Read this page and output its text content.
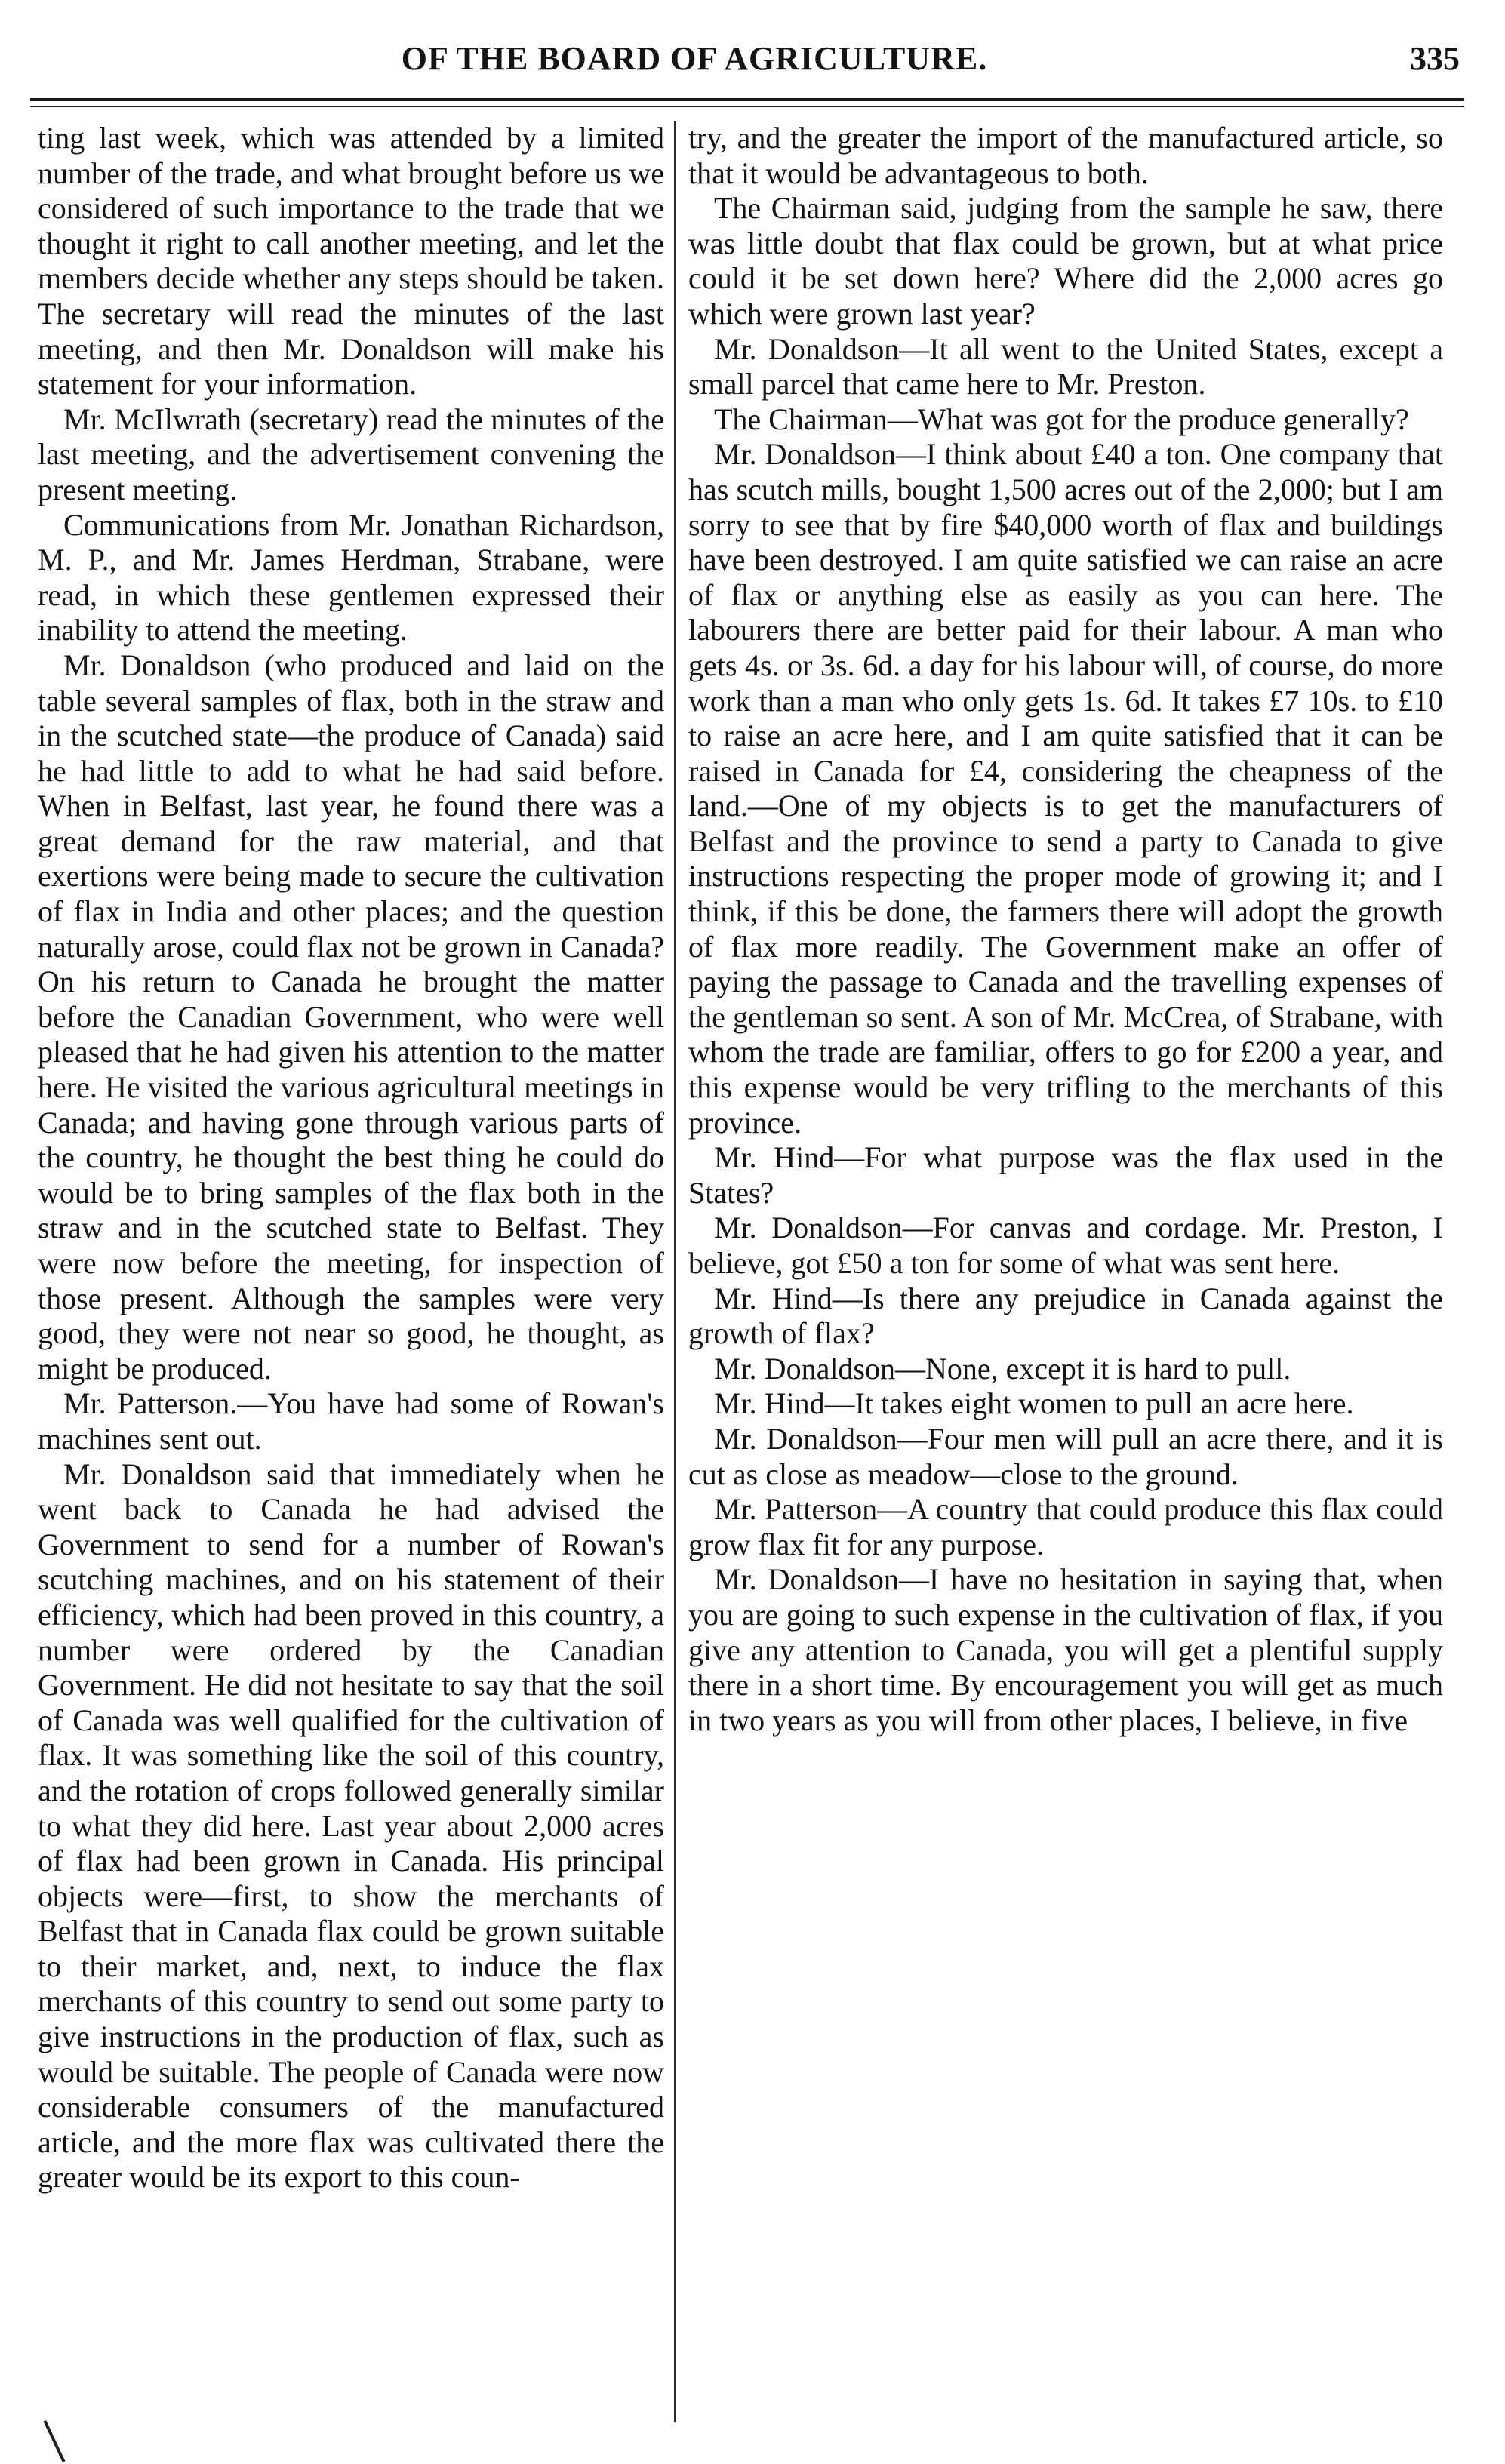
OF THE BOARD OF AGRICULTURE.	335

ting last week, which was attended by a limited number of the trade, and what brought before us we considered of such importance to the trade that we thought it right to call another meeting, and let the members decide whether any steps should be taken. The secretary will read the minutes of the last meeting, and then Mr. Donaldson will make his statement for your information.

Mr. McIlwrath (secretary) read the minutes of the last meeting, and the advertisement convening the present meeting.

Communications from Mr. Jonathan Richardson, M. P., and Mr. James Herdman, Strabane, were read, in which these gentlemen expressed their inability to attend the meeting.

Mr. Donaldson (who produced and laid on the table several samples of flax, both in the straw and in the scutched state—the produce of Canada) said he had little to add to what he had said before. When in Belfast, last year, he found there was a great demand for the raw material, and that exertions were being made to secure the cultivation of flax in India and other places; and the question naturally arose, could flax not be grown in Canada? On his return to Canada he brought the matter before the Canadian Government, who were well pleased that he had given his attention to the matter here. He visited the various agricultural meetings in Canada; and having gone through various parts of the country, he thought the best thing he could do would be to bring samples of the flax both in the straw and in the scutched state to Belfast. They were now before the meeting, for inspection of those present. Although the samples were very good, they were not near so good, he thought, as might be produced.

Mr. Patterson.—You have had some of Rowan's machines sent out.

Mr. Donaldson said that immediately when he went back to Canada he had advised the Government to send for a number of Rowan's scutching machines, and on his statement of their efficiency, which had been proved in this country, a number were ordered by the Canadian Government. He did not hesitate to say that the soil of Canada was well qualified for the cultivation of flax. It was something like the soil of this country, and the rotation of crops followed generally similar to what they did here. Last year about 2,000 acres of flax had been grown in Canada. His principal objects were—first, to show the merchants of Belfast that in Canada flax could be grown suitable to their market, and, next, to induce the flax merchants of this country to send out some party to give instructions in the production of flax, such as would be suitable. The people of Canada were now considerable consumers of the manufactured article, and the more flax was cultivated there the greater would be its export to this coun-

try, and the greater the import of the manufactured article, so that it would be advantageous to both.

The Chairman said, judging from the sample he saw, there was little doubt that flax could be grown, but at what price could it be set down here? Where did the 2,000 acres go which were grown last year?

Mr. Donaldson—It all went to the United States, except a small parcel that came here to Mr. Preston.

The Chairman—What was got for the produce generally?

Mr. Donaldson—I think about £40 a ton. One company that has scutch mills, bought 1,500 acres out of the 2,000; but I am sorry to see that by fire $40,000 worth of flax and buildings have been destroyed. I am quite satisfied we can raise an acre of flax or anything else as easily as you can here. The labourers there are better paid for their labour. A man who gets 4s. or 3s. 6d. a day for his labour will, of course, do more work than a man who only gets 1s. 6d. It takes £7 10s. to £10 to raise an acre here, and I am quite satisfied that it can be raised in Canada for £4, considering the cheapness of the land.—One of my objects is to get the manufacturers of Belfast and the province to send a party to Canada to give instructions respecting the proper mode of growing it; and I think, if this be done, the farmers there will adopt the growth of flax more readily. The Government make an offer of paying the passage to Canada and the travelling expenses of the gentleman so sent. A son of Mr. McCrea, of Strabane, with whom the trade are familiar, offers to go for £200 a year, and this expense would be very trifling to the merchants of this province.

Mr. Hind—For what purpose was the flax used in the States?

Mr. Donaldson—For canvas and cordage. Mr. Preston, I believe, got £50 a ton for some of what was sent here.

Mr. Hind—Is there any prejudice in Canada against the growth of flax?

Mr. Donaldson—None, except it is hard to pull.

Mr. Hind—It takes eight women to pull an acre here.

Mr. Donaldson—Four men will pull an acre there, and it is cut as close as meadow—close to the ground.

Mr. Patterson—A country that could produce this flax could grow flax fit for any purpose.

Mr. Donaldson—I have no hesitation in saying that, when you are going to such expense in the cultivation of flax, if you give any attention to Canada, you will get a plentiful supply there in a short time. By encouragement you will get as much in two years as you will from other places, I believe, in five
